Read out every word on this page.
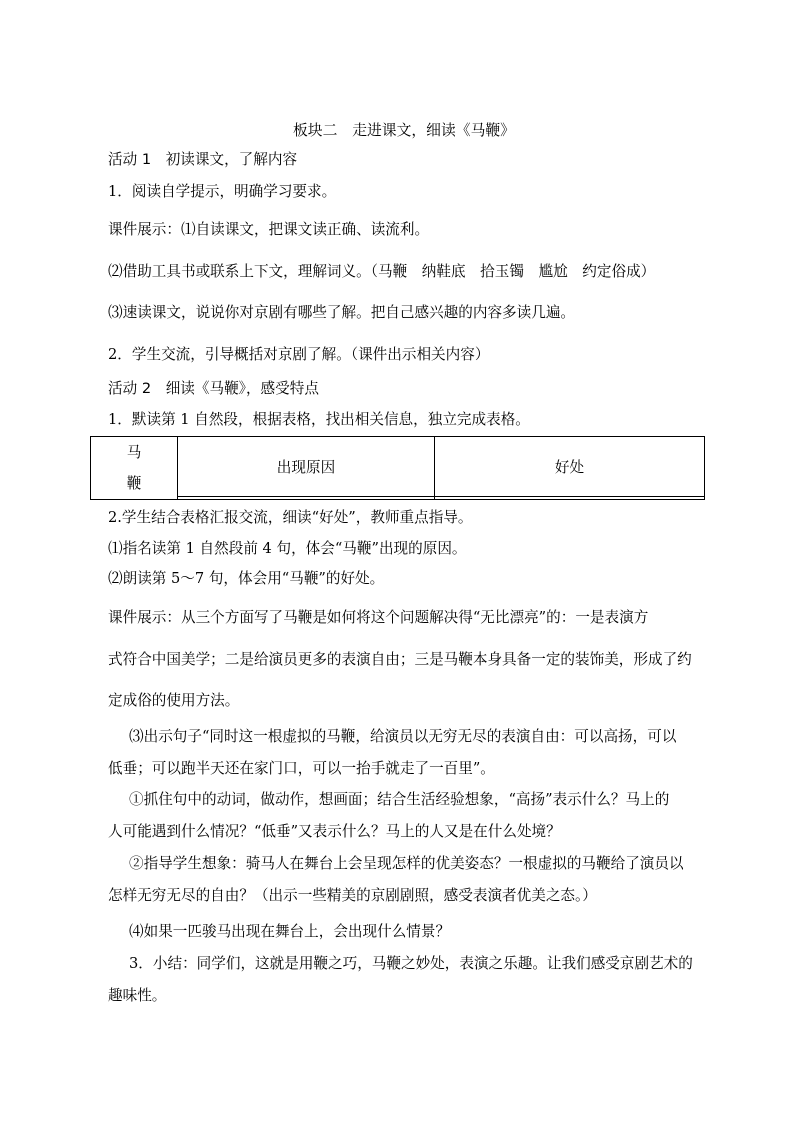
板块二　走进课文，细读《马鞭》
活动 1　初读课文，了解内容
1．阅读自学提示，明确学习要求。
课件展示：⑴自读课文，把课文读正确、读流利。
⑵借助工具书或联系上下文，理解词义。（马鞭　纳鞋底　拾玉镯　尴尬　约定俗成）
⑶速读课文，说说你对京剧有哪些了解。把自己感兴趣的内容多读几遍。
2．学生交流，引导概括对京剧了解。（课件出示相关内容）
活动 2　细读《马鞭》，感受特点
1．默读第 1 自然段，根据表格，找出相关信息，独立完成表格。
马
鞭	出现原因	好处

2.学生结合表格汇报交流，细读“好处”，教师重点指导。
⑴指名读第 1 自然段前 4 句，体会“马鞭”出现的原因。
⑵朗读第 5～7 句，体会用“马鞭”的好处。
课件展示：从三个方面写了马鞭是如何将这个问题解决得“无比漂亮”的：一是表演方
式符合中国美学；二是给演员更多的表演自由；三是马鞭本身具备一定的装饰美，形成了约
定成俗的使用方法。
⑶出示句子“同时这一根虚拟的马鞭，给演员以无穷无尽的表演自由：可以高扬，可以
低垂；可以跑半天还在家门口，可以一抬手就走了一百里”。
①抓住句中的动词，做动作，想画面；结合生活经验想象，“高扬”表示什么？马上的
人可能遇到什么情况？“低垂”又表示什么？马上的人又是在什么处境？
②指导学生想象：骑马人在舞台上会呈现怎样的优美姿态？一根虚拟的马鞭给了演员以
怎样无穷无尽的自由？（出示一些精美的京剧剧照，感受表演者优美之态。）
⑷如果一匹骏马出现在舞台上，会出现什么情景？
3．小结：同学们，这就是用鞭之巧，马鞭之妙处，表演之乐趣。让我们感受京剧艺术的
趣味性。
